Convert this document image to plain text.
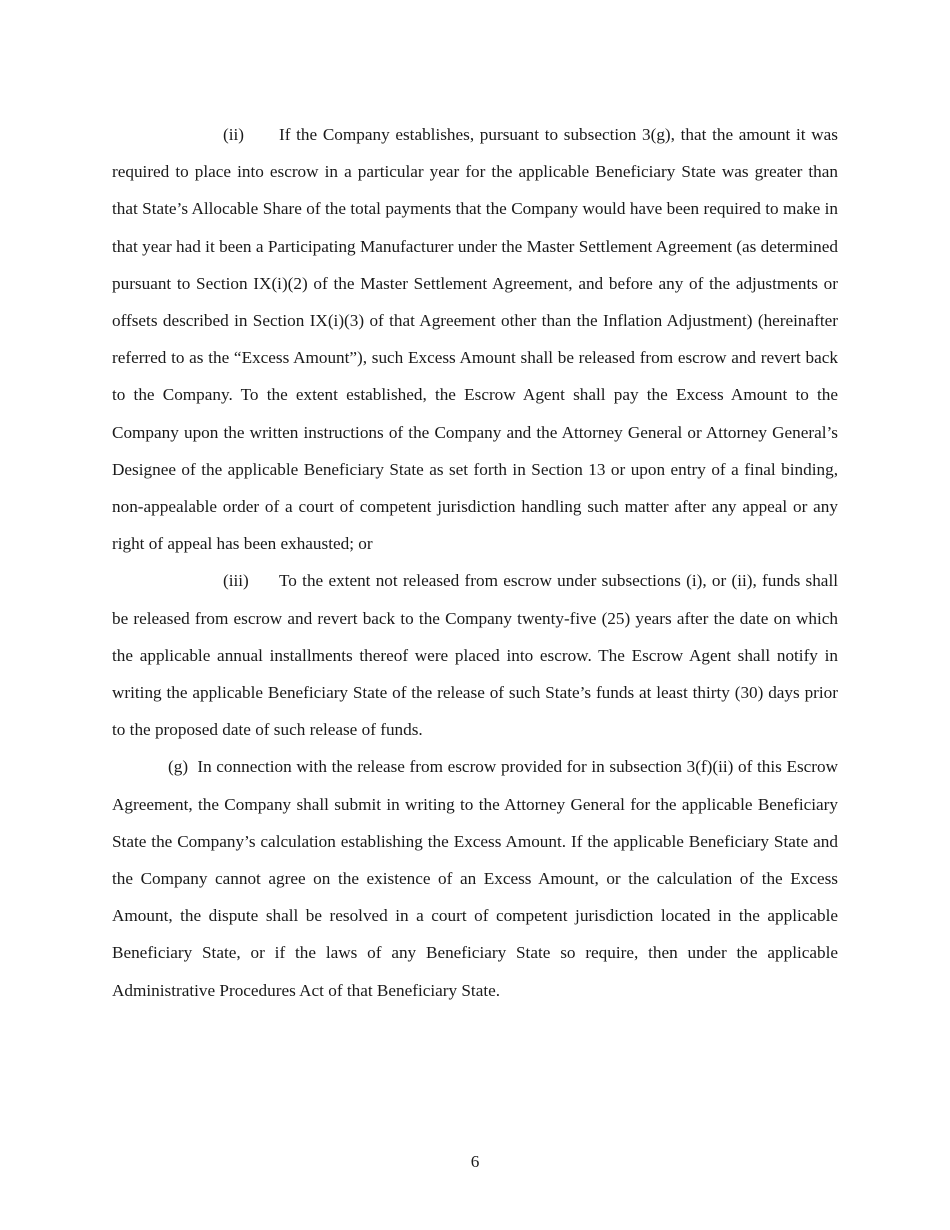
(ii) If the Company establishes, pursuant to subsection 3(g), that the amount it was required to place into escrow in a particular year for the applicable Beneficiary State was greater than that State’s Allocable Share of the total payments that the Company would have been required to make in that year had it been a Participating Manufacturer under the Master Settlement Agreement (as determined pursuant to Section IX(i)(2) of the Master Settlement Agreement, and before any of the adjustments or offsets described in Section IX(i)(3) of that Agreement other than the Inflation Adjustment) (hereinafter referred to as the “Excess Amount”), such Excess Amount shall be released from escrow and revert back to the Company. To the extent established, the Escrow Agent shall pay the Excess Amount to the Company upon the written instructions of the Company and the Attorney General or Attorney General’s Designee of the applicable Beneficiary State as set forth in Section 13 or upon entry of a final binding, non-appealable order of a court of competent jurisdiction handling such matter after any appeal or any right of appeal has been exhausted; or

(iii) To the extent not released from escrow under subsections (i), or (ii), funds shall be released from escrow and revert back to the Company twenty-five (25) years after the date on which the applicable annual installments thereof were placed into escrow. The Escrow Agent shall notify in writing the applicable Beneficiary State of the release of such State’s funds at least thirty (30) days prior to the proposed date of such release of funds.

(g) In connection with the release from escrow provided for in subsection 3(f)(ii) of this Escrow Agreement, the Company shall submit in writing to the Attorney General for the applicable Beneficiary State the Company’s calculation establishing the Excess Amount. If the applicable Beneficiary State and the Company cannot agree on the existence of an Excess Amount, or the calculation of the Excess Amount, the dispute shall be resolved in a court of competent jurisdiction located in the applicable Beneficiary State, or if the laws of any Beneficiary State so require, then under the applicable Administrative Procedures Act of that Beneficiary State.

6
